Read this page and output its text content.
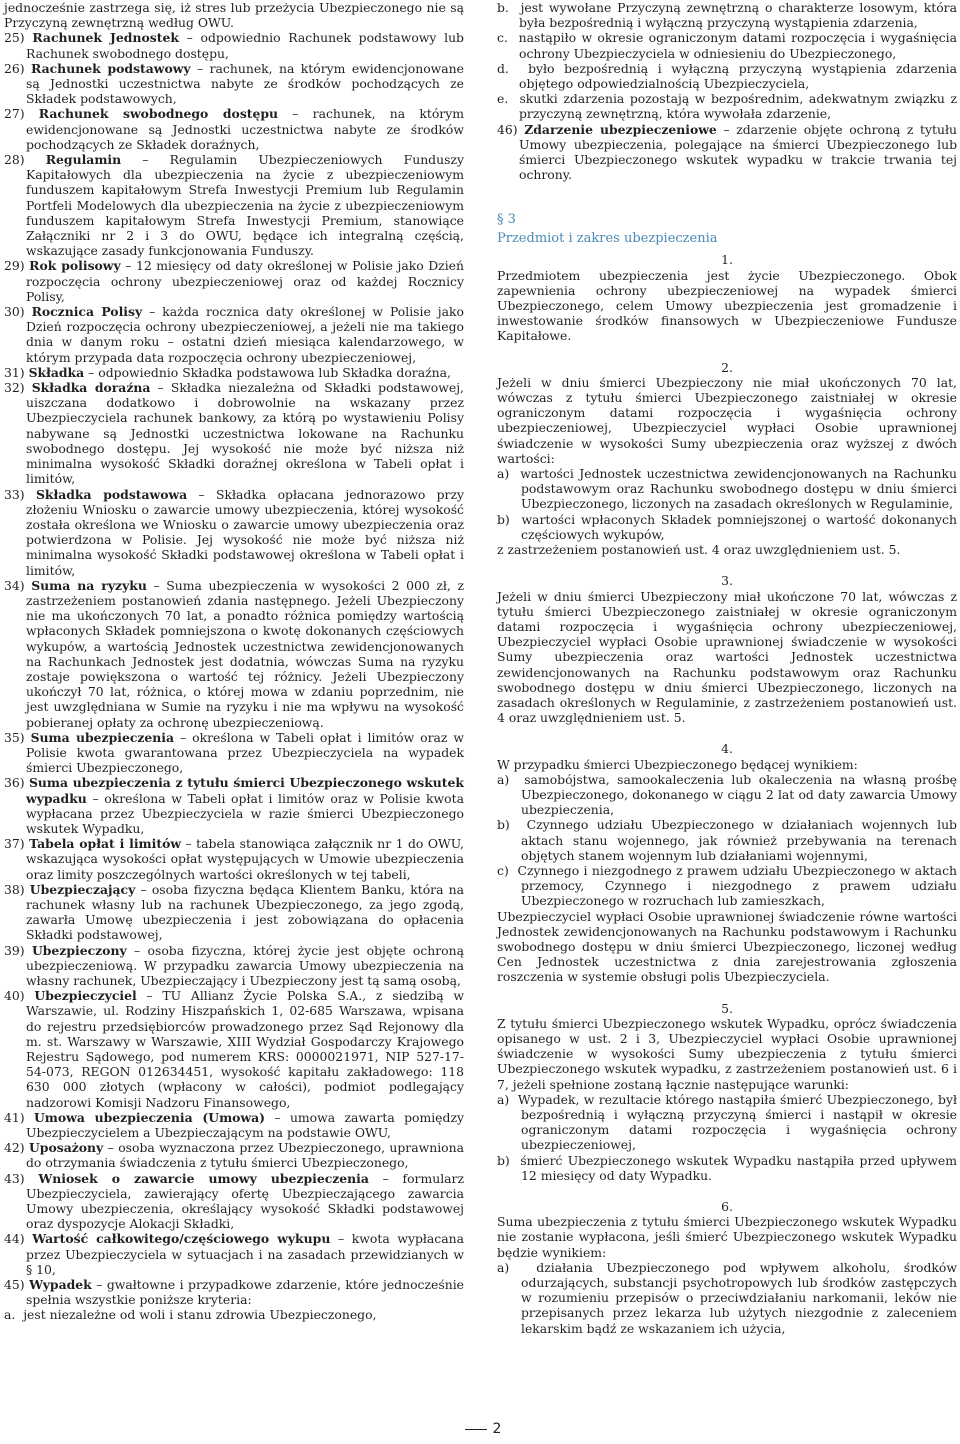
jednocześnie zastrzega się, iż stres lub przeżycia Ubezpieczonego nie są Przyczyną zewnętrzną według OWU.
25) Rachunek Jednostek – odpowiednio Rachunek podstawowy lub Rachunek swobodnego dostępu,
26) Rachunek podstawowy – rachunek, na którym ewidencjonowane są Jednostki uczestnictwa nabyte ze środków pochodzących ze Składek podstawowych,
27) Rachunek swobodnego dostępu – rachunek, na którym ewidencjonowane są Jednostki uczestnictwa nabyte ze środków pochodzących ze Składek doraźnych,
28) Regulamin – Regulamin Ubezpieczeniowych Funduszy Kapitałowych dla ubezpieczenia na życie z ubezpieczeniowym funduszem kapitałowym Strefa Inwestycji Premium lub Regulamin Portfeli Modelowych dla ubezpieczenia na życie z ubezpieczeniowym funduszem kapitałowym Strefa Inwestycji Premium, stanowiące Załączniki nr 2 i 3 do OWU, będące ich integralną częścią, wskazujące zasady funkcjonowania Funduszy.
29) Rok polisowy – 12 miesięcy od daty określonej w Polisie jako Dzień rozpoczęcia ochrony ubezpieczeniowej oraz od każdej Rocznicy Polisy,
30) Rocznica Polisy – każda rocznica daty określonej w Polisie jako Dzień rozpoczęcia ochrony ubezpieczeniowej, a jeżeli nie ma takiego dnia w danym roku – ostatni dzień miesiąca kalendarzowego, w którym przypada data rozpoczęcia ochrony ubezpieczeniowej,
31) Składka – odpowiednio Składka podstawowa lub Składka doraźna,
32) Składka doraźna – Składka niezależna od Składki podstawowej, uiszczana dodatkowo i dobrowolnie na wskazany przez Ubezpieczyciela rachunek bankowy, za którą po wystawieniu Polisy nabywane są Jednostki uczestnictwa lokowane na Rachunku swobodnego dostępu. Jej wysokość nie może być niższa niż minimalna wysokość Składki doraźnej określona w Tabeli opłat i limitów,
33) Składka podstawowa – Składka opłacana jednorazowo przy złożeniu Wniosku o zawarcie umowy ubezpieczenia, której wysokość została określona we Wniosku o zawarcie umowy ubezpieczenia oraz potwierdzona w Polisie. Jej wysokość nie może być niższa niż minimalna wysokość Składki podstawowej określona w Tabeli opłat i limitów,
34) Suma na ryzyku – Suma ubezpieczenia w wysokości 2 000 zł, z zastrzeżeniem postanowień zdania następnego. Jeżeli Ubezpieczony nie ma ukończonych 70 lat, a ponadto różnica pomiędzy wartością wpłaconych Składek pomniejszona o kwotę dokonanych częściowych wykupów, a wartością Jednostek uczestnictwa zewidencjonowanych na Rachunkach Jednostek jest dodatnia, wówczas Suma na ryzyku zostaje powiększona o wartość tej różnicy. Jeżeli Ubezpieczony ukończył 70 lat, różnica, o której mowa w zdaniu poprzednim, nie jest uwzględniana w Sumie na ryzyku i nie ma wpływu na wysokość pobieranej opłaty za ochronę ubezpieczeniową.
35) Suma ubezpieczenia – określona w Tabeli opłat i limitów oraz w Polisie kwota gwarantowana przez Ubezpieczyciela na wypadek śmierci Ubezpieczonego,
36) Suma ubezpieczenia z tytułu śmierci Ubezpieczonego wskutek wypadku – określona w Tabeli opłat i limitów oraz w Polisie kwota wypłacana przez Ubezpieczyciela w razie śmierci Ubezpieczonego wskutek Wypadku,
37) Tabela opłat i limitów – tabela stanowiąca załącznik nr 1 do OWU, wskazująca wysokości opłat występujących w Umowie ubezpieczenia oraz limity poszczególnych wartości określonych w tej tabeli,
38) Ubezpieczający – osoba fizyczna będąca Klientem Banku, która na rachunek własny lub na rachunek Ubezpieczonego, za jego zgodą, zawarła Umowę ubezpieczenia i jest zobowiązana do opłacenia Składki podstawowej,
39) Ubezpieczony – osoba fizyczna, której życie jest objęte ochroną ubezpieczeniową. W przypadku zawarcia Umowy ubezpieczenia na własny rachunek, Ubezpieczający i Ubezpieczony jest tą samą osobą,
40) Ubezpieczyciel – TU Allianz Życie Polska S.A., z siedzibą w Warszawie, ul. Rodziny Hiszpańskich 1, 02-685 Warszawa, wpisana do rejestru przedsiębiorców prowadzonego przez Sąd Rejonowy dla m. st. Warszawy w Warszawie, XIII Wydział Gospodarczy Krajowego Rejestru Sądowego, pod numerem KRS: 0000021971, NIP 527-17-54-073, REGON 012634451, wysokość kapitału zakładowego: 118 630 000 złotych (wpłacony w całości), podmiot podlegający nadzorowi Komisji Nadzoru Finansowego,
41) Umowa ubezpieczenia (Umowa) – umowa zawarta pomiędzy Ubezpieczycielem a Ubezpieczającym na podstawie OWU,
42) Uposażony – osoba wyznaczona przez Ubezpieczonego, uprawniona do otrzymania świadczenia z tytułu śmierci Ubezpieczonego,
43) Wniosek o zawarcie umowy ubezpieczenia – formularz Ubezpieczyciela, zawierający ofertę Ubezpieczającego zawarcia Umowy ubezpieczenia, określający wysokość Składki podstawowej oraz dyspozycje Alokacji Składki,
44) Wartość całkowitego/częściowego wykupu – kwota wypłacana przez Ubezpieczyciela w sytuacjach i na zasadach przewidzianych w § 10,
45) Wypadek – gwałtowne i przypadkowe zdarzenie, które jednocześnie spełnia wszystkie poniższe kryteria:
a. jest niezależne od woli i stanu zdrowia Ubezpieczonego,
b. jest wywołane Przyczyną zewnętrzną o charakterze losowym, która była bezpośrednią i wyłączną przyczyną wystąpienia zdarzenia,
c. nastąpiło w okresie ograniczonym datami rozpoczęcia i wygaśnięcia ochrony Ubezpieczyciela w odniesieniu do Ubezpieczonego,
d. było bezpośrednią i wyłączną przyczyną wystąpienia zdarzenia objętego odpowiedzialnością Ubezpieczyciela,
e. skutki zdarzenia pozostają w bezpośrednim, adekwatnym związku z przyczyną zewnętrzną, która wywołała zdarzenie,
46) Zdarzenie ubezpieczeniowe – zdarzenie objęte ochroną z tytułu Umowy ubezpieczenia, polegające na śmierci Ubezpieczonego lub śmierci Ubezpieczonego wskutek wypadku w trakcie trwania tej ochrony.
§ 3
Przedmiot i zakres ubezpieczenia
1.
Przedmiotem ubezpieczenia jest życie Ubezpieczonego. Obok zapewnienia ochrony ubezpieczeniowej na wypadek śmierci Ubezpieczonego, celem Umowy ubezpieczenia jest gromadzenie i inwestowanie środków finansowych w Ubezpieczeniowe Fundusze Kapitałowe.
2.
Jeżeli w dniu śmierci Ubezpieczony nie miał ukończonych 70 lat, wówczas z tytułu śmierci Ubezpieczonego zaistniałej w okresie ograniczonym datami rozpoczęcia i wygaśnięcia ochrony ubezpieczeniowej, Ubezpieczyciel wypłaci Osobie uprawnionej świadczenie w wysokości Sumy ubezpieczenia oraz wyższej z dwóch wartości:
a) wartości Jednostek uczestnictwa zewidencjonowanych na Rachunku podstawowym oraz Rachunku swobodnego dostępu w dniu śmierci Ubezpieczonego, liczonych na zasadach określonych w Regulaminie,
b) wartości wpłaconych Składek pomniejszonej o wartość dokonanych częściowych wykupów,
z zastrzeżeniem postanowień ust. 4 oraz uwzględnieniem ust. 5.
3.
Jeżeli w dniu śmierci Ubezpieczony miał ukończone 70 lat, wówczas z tytułu śmierci Ubezpieczonego zaistniałej w okresie ograniczonym datami rozpoczęcia i wygaśnięcia ochrony ubezpieczeniowej, Ubezpieczyciel wypłaci Osobie uprawnionej świadczenie w wysokości Sumy ubezpieczenia oraz wartości Jednostek uczestnictwa zewidencjonowanych na Rachunku podstawowym oraz Rachunku swobodnego dostępu w dniu śmierci Ubezpieczonego, liczonych na zasadach określonych w Regulaminie, z zastrzeżeniem postanowień ust. 4 oraz uwzględnieniem ust. 5.
4.
W przypadku śmierci Ubezpieczonego będącej wynikiem:
a) samobójstwa, samookaleczenia lub okaleczenia na własną prośbę Ubezpieczonego, dokonanego w ciągu 2 lat od daty zawarcia Umowy ubezpieczenia,
b) Czynnego udziału Ubezpieczonego w działaniach wojennych lub aktach stanu wojennego, jak również przebywania na terenach objętych stanem wojennym lub działaniami wojennymi,
c) Czynnego i niezgodnego z prawem udziału Ubezpieczonego w aktach przemocy, Czynnego i niezgodnego z prawem udziału Ubezpieczonego w rozruchach lub zamieszkach,
Ubezpieczyciel wypłaci Osobie uprawnionej świadczenie równe wartości Jednostek zewidencjonowanych na Rachunku podstawowym i Rachunku swobodnego dostępu w dniu śmierci Ubezpieczonego, liczonej według Cen Jednostek uczestnictwa z dnia zarejestrowania zgłoszenia roszczenia w systemie obsługi polis Ubezpieczyciela.
5.
Z tytułu śmierci Ubezpieczonego wskutek Wypadku, oprócz świadczenia opisanego w ust. 2 i 3, Ubezpieczyciel wypłaci Osobie uprawnionej świadczenie w wysokości Sumy ubezpieczenia z tytułu śmierci Ubezpieczonego wskutek wypadku, z zastrzeżeniem postanowień ust. 6 i 7, jeżeli spełnione zostaną łącznie następujące warunki:
a) Wypadek, w rezultacie którego nastąpiła śmierć Ubezpieczonego, był bezpośrednią i wyłączną przyczyną śmierci i nastąpił w okresie ograniczonym datami rozpoczęcia i wygaśnięcia ochrony ubezpieczeniowej,
b) śmierć Ubezpieczonego wskutek Wypadku nastąpiła przed upływem 12 miesięcy od daty Wypadku.
6.
Suma ubezpieczenia z tytułu śmierci Ubezpieczonego wskutek Wypadku nie zostanie wypłacona, jeśli śmierć Ubezpieczonego wskutek Wypadku będzie wynikiem:
a) działania Ubezpieczonego pod wpływem alkoholu, środków odurzających, substancji psychotropowych lub środków zastępczych w rozumieniu przepisów o przeciwdziałaniu narkomanii, leków nie przepisanych przez lekarza lub użytych niezgodnie z zaleceniem lekarskim bądź ze wskazaniem ich użycia,
2
